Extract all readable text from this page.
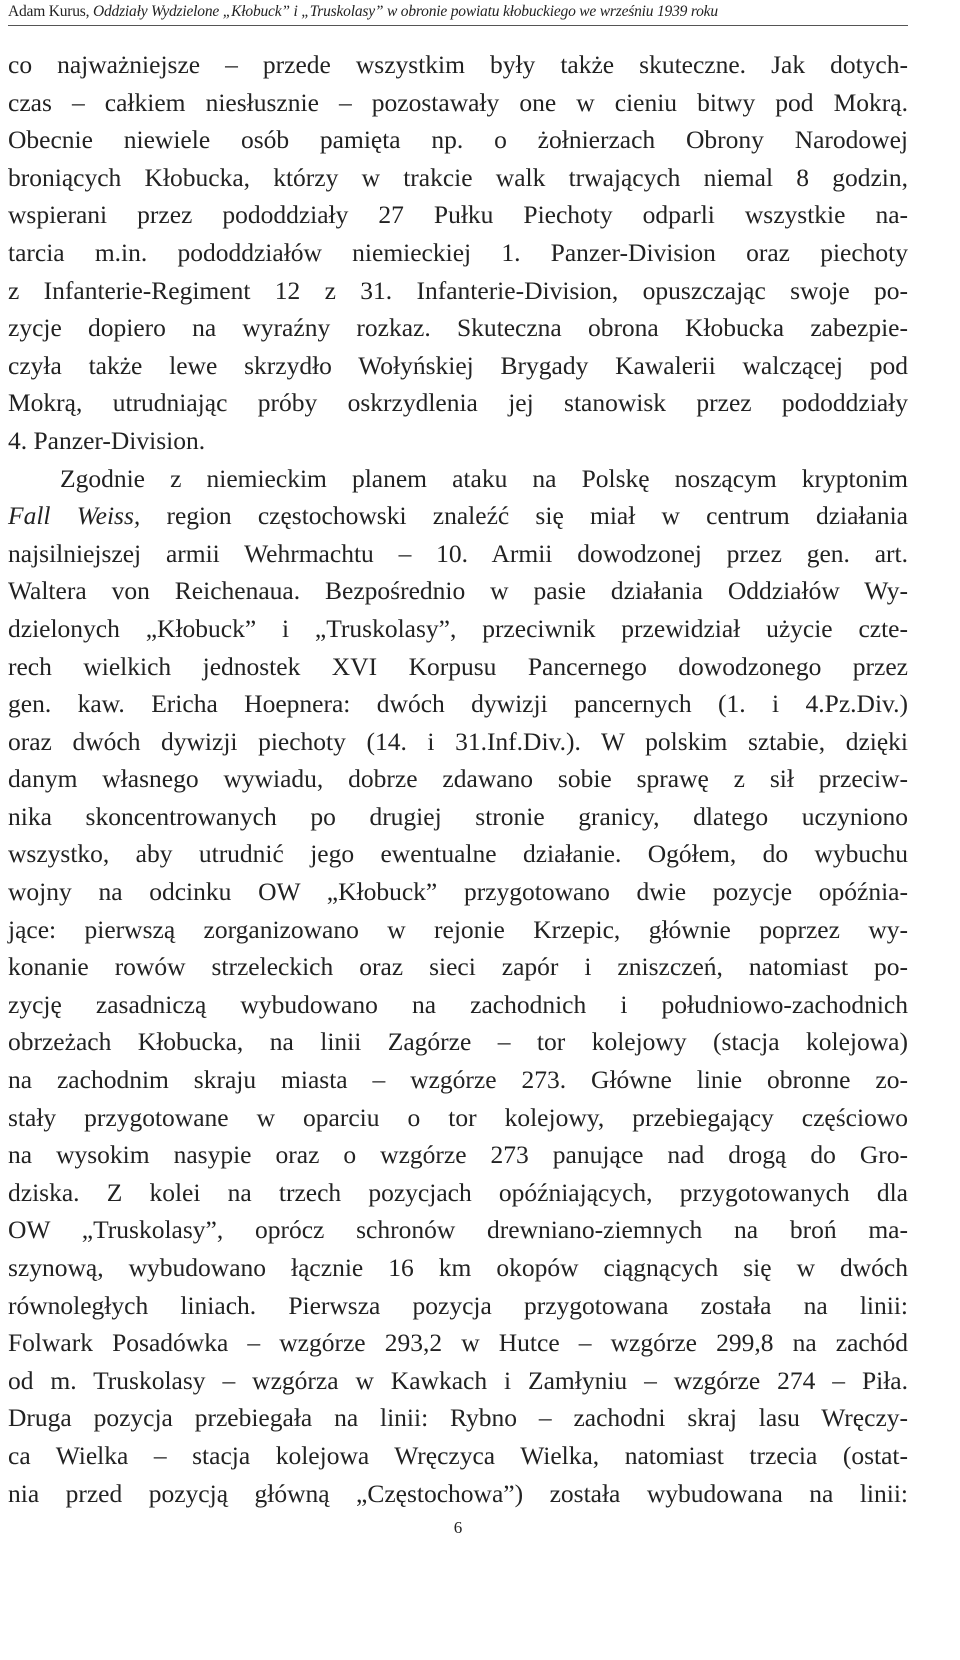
Adam Kurus, Oddziały Wydzielone „Kłobuck” i „Truskolasy” w obronie powiatu kłobuckiego we wrześniu 1939 roku
co najważniejsze – przede wszystkim były także skuteczne. Jak dotych-
czas – całkiem niesłusznie – pozostawały one w cieniu bitwy pod Mokrą.
Obecnie niewiele osób pamięta np. o żołnierzach Obrony Narodowej
broniących Kłobucka, którzy w trakcie walk trwających niemal 8 godzin,
wspierani przez pododdziały 27 Pułku Piechoty odparli wszystkie na-
tarcia m.in. pododdziałów niemieckiej 1. Panzer-Division oraz piechoty
z Infanterie-Regiment 12 z 31. Infanterie-Division, opuszczając swoje po-
zycje dopiero na wyraźny rozkaz. Skuteczna obrona Kłobucka zabezpie-
czyła także lewe skrzydło Wołyńskiej Brygady Kawalerii walczącej pod
Mokrą, utrudniając próby oskrzydlenia jej stanowisk przez pododdziały
4. Panzer-Division.
Zgodnie z niemieckim planem ataku na Polskę noszącym kryptonim
Fall Weiss, region częstochowski znaleźć się miał w centrum działania
najsilniejszej armii Wehrmachtu – 10. Armii dowodzonej przez gen. art.
Waltera von Reichenaua. Bezpośrednio w pasie działania Oddziałów Wy-
dzielonych „Kłobuck” i „Truskolasy”, przeciwnik przewidział użycie czte-
rech wielkich jednostek XVI Korpusu Pancernego dowodzonego przez
gen. kaw. Ericha Hoepnera: dwóch dywizji pancernych (1. i 4.Pz.Div.)
oraz dwóch dywizji piechoty (14. i 31.Inf.Div.). W polskim sztabie, dzięki
danym własnego wywiadu, dobrze zdawano sobie sprawę z sił przeciw-
nika skoncentrowanych po drugiej stronie granicy, dlatego uczyniono
wszystko, aby utrudnić jego ewentualne działanie. Ogółem, do wybuchu
wojny na odcinku OW „Kłobuck” przygotowano dwie pozycje opóźnia-
jące: pierwszą zorganizowano w rejonie Krzepic, głównie poprzez wy-
konanie rowów strzeleckich oraz sieci zapór i zniszczeń, natomiast po-
zycję zasadniczą wybudowano na zachodnich i południowo-zachodnich
obrzeżach Kłobucka, na linii Zagórze – tor kolejowy (stacja kolejowa)
na zachodnim skraju miasta – wzgórze 273. Główne linie obronne zo-
stały przygotowane w oparciu o tor kolejowy, przebiegający częściowo
na wysokim nasypie oraz o wzgórze 273 panujące nad drogą do Gro-
dziska. Z kolei na trzech pozycjach opóźniających, przygotowanych dla
OW „Truskolasy”, oprócz schronów drewniano-ziemnych na broń ma-
szynową, wybudowano łącznie 16 km okopów ciągnących się w dwóch
równoległych liniach. Pierwsza pozycja przygotowana została na linii:
Folwark Posadówka – wzgórze 293,2 w Hutce – wzgórze 299,8 na zachód
od m. Truskolasy – wzgórza w Kawkach i Zamłyniu – wzgórze 274 – Piła.
Druga pozycja przebiegała na linii: Rybno – zachodni skraj lasu Wręczy-
ca Wielka – stacja kolejowa Wręczyca Wielka, natomiast trzecia (ostat-
nia przed pozycją główną „Częstochowa”) została wybudowana na linii:
6
